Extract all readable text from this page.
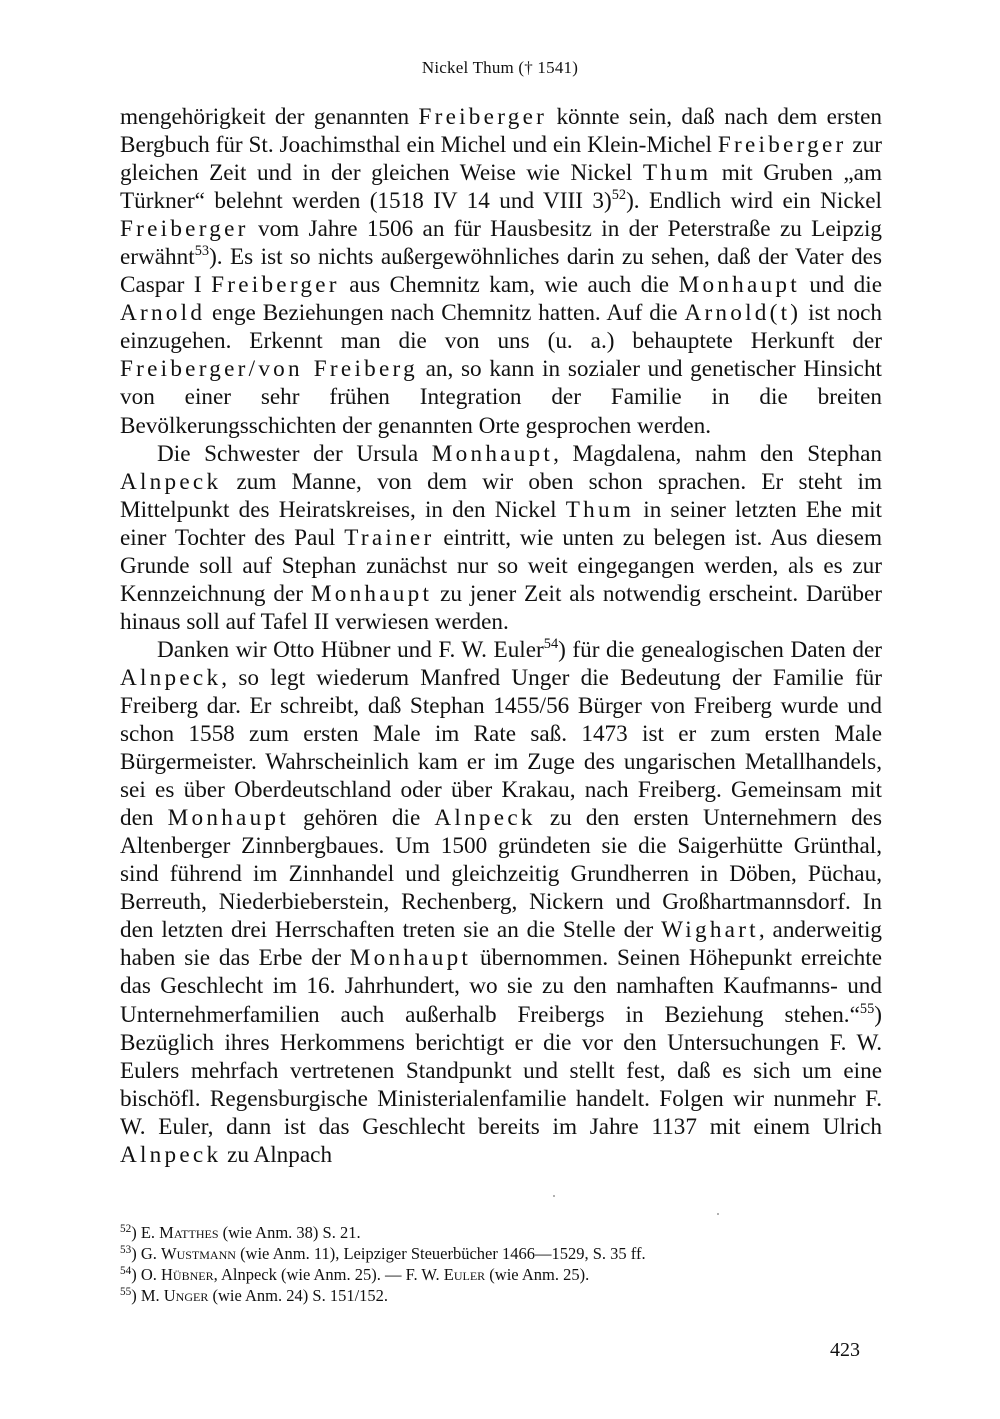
Nickel Thum († 1541)

mengehörigkeit der genannten Freiberger könnte sein, daß nach dem ersten Bergbuch für St. Joachimsthal ein Michel und ein Klein-Michel Freiberger zur gleichen Zeit und in der gleichen Weise wie Nickel Thum mit Gruben „am Türkner“ belehnt werden (1518 IV 14 und VIII 3)$^{52}$). Endlich wird ein Nickel Freiberger vom Jahre 1506 an für Hausbesitz in der Peterstraße zu Leipzig erwähnt$^{53}$). Es ist so nichts außergewöhnliches darin zu sehen, daß der Vater des Caspar I Freiberger aus Chemnitz kam, wie auch die Monhaupt und die Arnold enge Beziehungen nach Chemnitz hatten. Auf die Arnold(t) ist noch einzugehen. Erkennt man die von uns (u. a.) behauptete Herkunft der Freiberger/von Freiberg an, so kann in sozialer und genetischer Hinsicht von einer sehr frühen Integration der Familie in die breiten Bevölkerungsschichten der genannten Orte gesprochen werden.

Die Schwester der Ursula Monhaupt, Magdalena, nahm den Stephan Alnpeck zum Manne, von dem wir oben schon sprachen. Er steht im Mittelpunkt des Heiratskreises, in den Nickel Thum in seiner letzten Ehe mit einer Tochter des Paul Trainer eintritt, wie unten zu belegen ist. Aus diesem Grunde soll auf Stephan zunächst nur so weit eingegangen werden, als es zur Kennzeichnung der Monhaupt zu jener Zeit als notwendig erscheint. Darüber hinaus soll auf Tafel II verwiesen werden.

Danken wir Otto Hübner und F. W. Euler$^{54}$) für die genealogischen Daten der Alnpeck, so legt wiederum Manfred Unger die Bedeutung der Familie für Freiberg dar. Er schreibt, daß Stephan 1455/56 Bürger von Freiberg wurde und schon 1558 zum ersten Male im Rate saß. 1473 ist er zum ersten Male Bürgermeister. Wahrscheinlich kam er im Zuge des ungarischen Metallhandels, sei es über Oberdeutschland oder über Krakau, nach Freiberg. Gemeinsam mit den Monhaupt gehören die Alnpeck zu den ersten Unternehmern des Altenberger Zinnbergbaues. Um 1500 gründeten sie die Saigerhütte Grünthal, sind führend im Zinnhandel und gleichzeitig Grundherren in Döben, Püchau, Berreuth, Niederbieberstein, Rechenberg, Nickern und Großhartmannsdorf. In den letzten drei Herrschaften treten sie an die Stelle der Wighart, anderweitig haben sie das Erbe der Monhaupt übernommen. Seinen Höhepunkt erreichte das Geschlecht im 16. Jahrhundert, wo sie zu den namhaften Kaufmanns- und Unternehmerfamilien auch außerhalb Freibergs in Beziehung stehen.“$^{55}$) Bezüglich ihres Herkommens berichtigt er die vor den Untersuchungen F. W. Eulers mehrfach vertretenen Standpunkt und stellt fest, daß es sich um eine bischöfl. Regensburgische Ministerialenfamilie handelt. Folgen wir nunmehr F. W. Euler, dann ist das Geschlecht bereits im Jahre 1137 mit einem Ulrich Alnpeck zu Alnpach

$^{52}$) E. Matthes (wie Anm. 38) S. 21.

$^{53}$) G. Wustmann (wie Anm. 11), Leipziger Steuerbücher 1466—1529, S. 35 ff.

$^{54}$) O. Hübner, Alnpeck (wie Anm. 25). — F. W. Euler (wie Anm. 25).

$^{55}$) M. Unger (wie Anm. 24) S. 151/152.

423
